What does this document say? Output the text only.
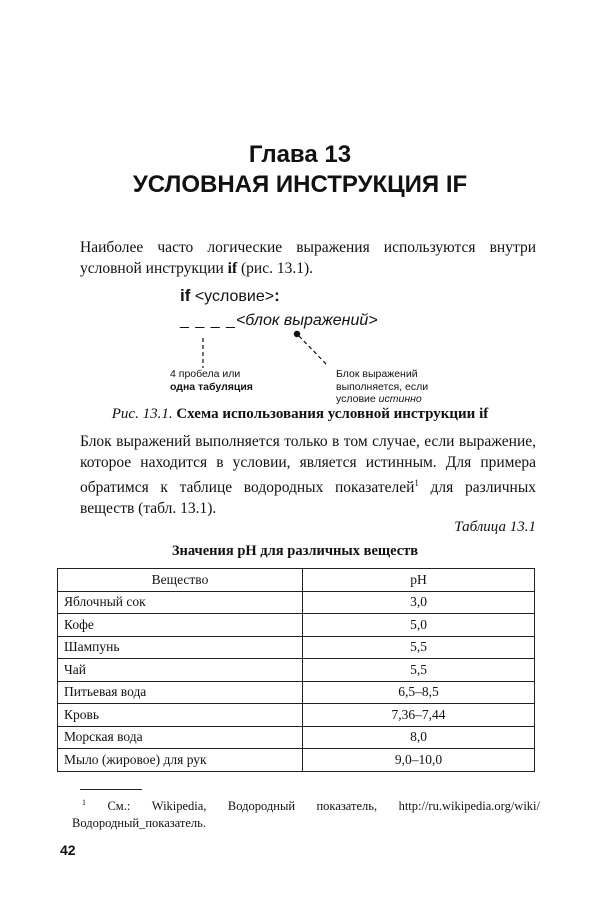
Глава 13
УСЛОВНАЯ ИНСТРУКЦИЯ IF

Наиболее часто логические выражения используются внутри условной инструкции if (рис. 13.1).

if <условие>:
_ _ _ _<блок выражений>
4 пробела или
одна табуляция
Блок выражений
выполняется, если
условие истинно
Рис. 13.1. Схема использования условной инструкции if

Блок выражений выполняется только в том случае, если выражение, которое находится в условии, является истинным. Для примера обратимся к таблице водородных показателей$^1$ для различных веществ (табл. 13.1).

Таблица 13.1
Значения pH для различных веществ
Вещество	pH
Яблочный сок	3,0
Кофе	5,0
Шампунь	5,5
Чай	5,5
Питьевая вода	6,5–8,5
Кровь	7,36–7,44
Морская вода	8,0
Мыло (жировое) для рук	9,0–10,0
$^1$ См.: Wikipedia, Водородный показатель, http://ru.wikipedia.org/wiki/Водородный_показатель.
42
